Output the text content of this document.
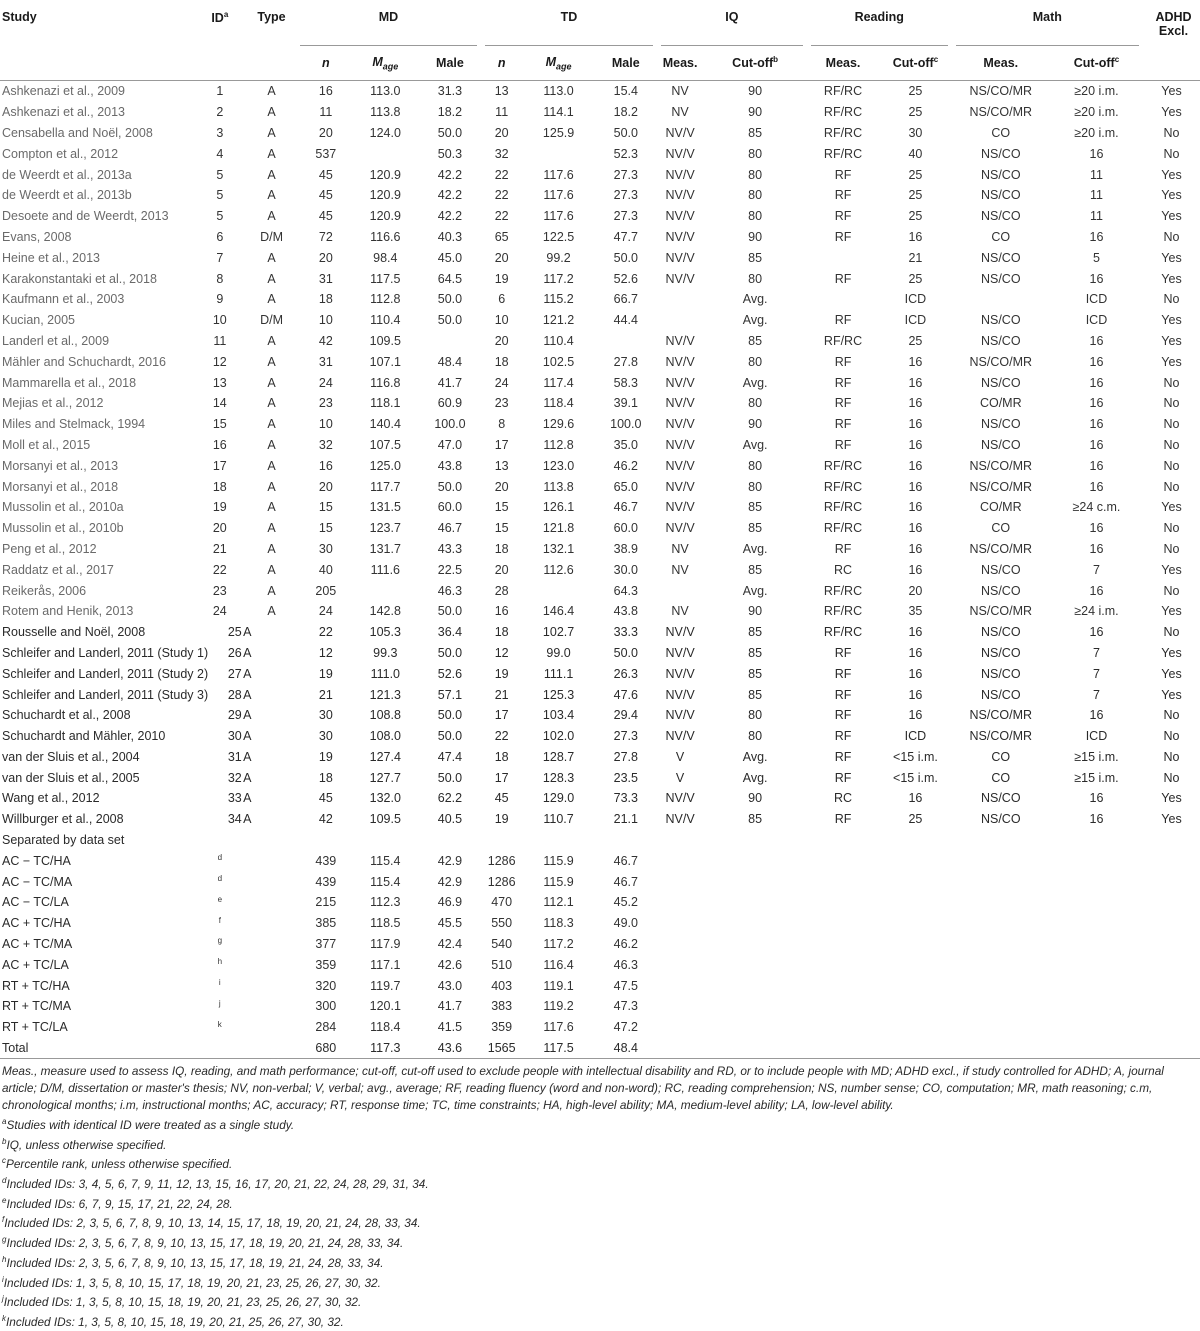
Study	$ID^a$	Type	MD			TD			IQ		Reading		Math		ADHD Excl.
			n	$M_{age}$	Male	n	$M_{age}$	Male	Meas.	Cut-off$^b$	Meas.	Cut-off$^c$	Meas.	Cut-off$^c$
Ashkenazi et al., 2009	1	A	16	113.0	31.3	13	113.0	15.4	NV	90	RF/RC	25	NS/CO/MR	≥20 i.m.	Yes
Ashkenazi et al., 2013	2	A	11	113.8	18.2	11	114.1	18.2	NV	90	RF/RC	25	NS/CO/MR	≥20 i.m.	Yes
Censabella and Noël, 2008	3	A	20	124.0	50.0	20	125.9	50.0	NV/V	85	RF/RC	30	CO	≥20 i.m.	No
Compton et al., 2012	4	A	537		50.3	32		52.3	NV/V	80	RF/RC	40	NS/CO	16	No
de Weerdt et al., 2013a	5	A	45	120.9	42.2	22	117.6	27.3	NV/V	80	RF	25	NS/CO	11	Yes
de Weerdt et al., 2013b	5	A	45	120.9	42.2	22	117.6	27.3	NV/V	80	RF	25	NS/CO	11	Yes
Desoete and de Weerdt, 2013	5	A	45	120.9	42.2	22	117.6	27.3	NV/V	80	RF	25	NS/CO	11	Yes
Evans, 2008	6	D/M	72	116.6	40.3	65	122.5	47.7	NV/V	90	RF	16	CO	16	No
Heine et al., 2013	7	A	20	98.4	45.0	20	99.2	50.0	NV/V	85		21	NS/CO	5	Yes
Karakonstantaki et al., 2018	8	A	31	117.5	64.5	19	117.2	52.6	NV/V	80	RF	25	NS/CO	16	Yes
Kaufmann et al., 2003	9	A	18	112.8	50.0	6	115.2	66.7		Avg.		ICD		ICD	No
Kucian, 2005	10	D/M	10	110.4	50.0	10	121.2	44.4		Avg.	RF	ICD	NS/CO	ICD	Yes
Landerl et al., 2009	11	A	42	109.5		20	110.4		NV/V	85	RF/RC	25	NS/CO	16	Yes
Mähler and Schuchardt, 2016	12	A	31	107.1	48.4	18	102.5	27.8	NV/V	80	RF	16	NS/CO/MR	16	Yes
Mammarella et al., 2018	13	A	24	116.8	41.7	24	117.4	58.3	NV/V	Avg.	RF	16	NS/CO	16	No
Mejias et al., 2012	14	A	23	118.1	60.9	23	118.4	39.1	NV/V	80	RF	16	CO/MR	16	No
Miles and Stelmack, 1994	15	A	10	140.4	100.0	8	129.6	100.0	NV/V	90	RF	16	NS/CO	16	No
Moll et al., 2015	16	A	32	107.5	47.0	17	112.8	35.0	NV/V	Avg.	RF	16	NS/CO	16	No
Morsanyi et al., 2013	17	A	16	125.0	43.8	13	123.0	46.2	NV/V	80	RF/RC	16	NS/CO/MR	16	No
Morsanyi et al., 2018	18	A	20	117.7	50.0	20	113.8	65.0	NV/V	80	RF/RC	16	NS/CO/MR	16	No
Mussolin et al., 2010a	19	A	15	131.5	60.0	15	126.1	46.7	NV/V	85	RF/RC	16	CO/MR	≥24 c.m.	Yes
Mussolin et al., 2010b	20	A	15	123.7	46.7	15	121.8	60.0	NV/V	85	RF/RC	16	CO	16	No
Peng et al., 2012	21	A	30	131.7	43.3	18	132.1	38.9	NV	Avg.	RF	16	NS/CO/MR	16	No
Raddatz et al., 2017	22	A	40	111.6	22.5	20	112.6	30.0	NV	85	RC	16	NS/CO	7	Yes
Reikerås, 2006	23	A	205		46.3	28		64.3		Avg.	RF/RC	20	NS/CO	16	No
Rotem and Henik, 2013	24	A	24	142.8	50.0	16	146.4	43.8	NV	90	RF/RC	35	NS/CO/MR	≥24 i.m.	Yes
Rousselle and Noël, 2008	25	A	22	105.3	36.4	18	102.7	33.3	NV/V	85	RF/RC	16	NS/CO	16	No
Schleifer and Landerl, 2011 (Study 1)	26	A	12	99.3	50.0	12	99.0	50.0	NV/V	85	RF	16	NS/CO	7	Yes
Schleifer and Landerl, 2011 (Study 2)	27	A	19	111.0	52.6	19	111.1	26.3	NV/V	85	RF	16	NS/CO	7	Yes
Schleifer and Landerl, 2011 (Study 3)	28	A	21	121.3	57.1	21	125.3	47.6	NV/V	85	RF	16	NS/CO	7	Yes
Schuchardt et al., 2008	29	A	30	108.8	50.0	17	103.4	29.4	NV/V	80	RF	16	NS/CO/MR	16	No
Schuchardt and Mähler, 2010	30	A	30	108.0	50.0	22	102.0	27.3	NV/V	80	RF	ICD	NS/CO/MR	ICD	No
van der Sluis et al., 2004	31	A	19	127.4	47.4	18	128.7	27.8	V	Avg.	RF	<15 i.m.	CO	≥15 i.m.	No
van der Sluis et al., 2005	32	A	18	127.7	50.0	17	128.3	23.5	V	Avg.	RF	<15 i.m.	CO	≥15 i.m.	No
Wang et al., 2012	33	A	45	132.0	62.2	45	129.0	73.3	NV/V	90	RC	16	NS/CO	16	Yes
Willburger et al., 2008	34	A	42	109.5	40.5	19	110.7	21.1	NV/V	85	RF	25	NS/CO	16	Yes
Separated by data set															
AC − TC/HA	$^d$		439	115.4	42.9	1286	115.9	46.7							
AC − TC/MA	$^d$		439	115.4	42.9	1286	115.9	46.7							
AC − TC/LA	$^e$		215	112.3	46.9	470	112.1	45.2							
AC + TC/HA	$^f$		385	118.5	45.5	550	118.3	49.0							
AC + TC/MA	$^g$		377	117.9	42.4	540	117.2	46.2							
AC + TC/LA	$^h$		359	117.1	42.6	510	116.4	46.3							
RT + TC/HA	$^i$		320	119.7	43.0	403	119.1	47.5							
RT + TC/MA	$^j$		300	120.1	41.7	383	119.2	47.3							
RT + TC/LA	$^k$		284	118.4	41.5	359	117.6	47.2							
Total			680	117.3	43.6	1565	117.5	48.4							

Meas., measure used to assess IQ, reading, and math performance; cut-off, cut-off used to exclude people with intellectual disability and RD, or to include people with MD; ADHD excl., if study controlled for ADHD; A, journal article; D/M, dissertation or master's thesis; NV, non-verbal; V, verbal; avg., average; RF, reading fluency (word and non-word); RC, reading comprehension; NS, number sense; CO, computation; MR, math reasoning; c.m, chronological months; i.m, instructional months; AC, accuracy; RT, response time; TC, time constraints; HA, high-level ability; MA, medium-level ability; LA, low-level ability.

$^a$Studies with identical ID were treated as a single study.

$^b$IQ, unless otherwise specified.

$^c$Percentile rank, unless otherwise specified.

$^d$Included IDs: 3, 4, 5, 6, 7, 9, 11, 12, 13, 15, 16, 17, 20, 21, 22, 24, 28, 29, 31, 34.

$^e$Included IDs: 6, 7, 9, 15, 17, 21, 22, 24, 28.

$^f$Included IDs: 2, 3, 5, 6, 7, 8, 9, 10, 13, 14, 15, 17, 18, 19, 20, 21, 24, 28, 33, 34.

$^g$Included IDs: 2, 3, 5, 6, 7, 8, 9, 10, 13, 15, 17, 18, 19, 20, 21, 24, 28, 33, 34.

$^h$Included IDs: 2, 3, 5, 6, 7, 8, 9, 10, 13, 15, 17, 18, 19, 21, 24, 28, 33, 34.

$^i$Included IDs: 1, 3, 5, 8, 10, 15, 17, 18, 19, 20, 21, 23, 25, 26, 27, 30, 32.

$^j$Included IDs: 1, 3, 5, 8, 10, 15, 18, 19, 20, 21, 23, 25, 26, 27, 30, 32.

$^k$Included IDs: 1, 3, 5, 8, 10, 15, 18, 19, 20, 21, 25, 26, 27, 30, 32.
